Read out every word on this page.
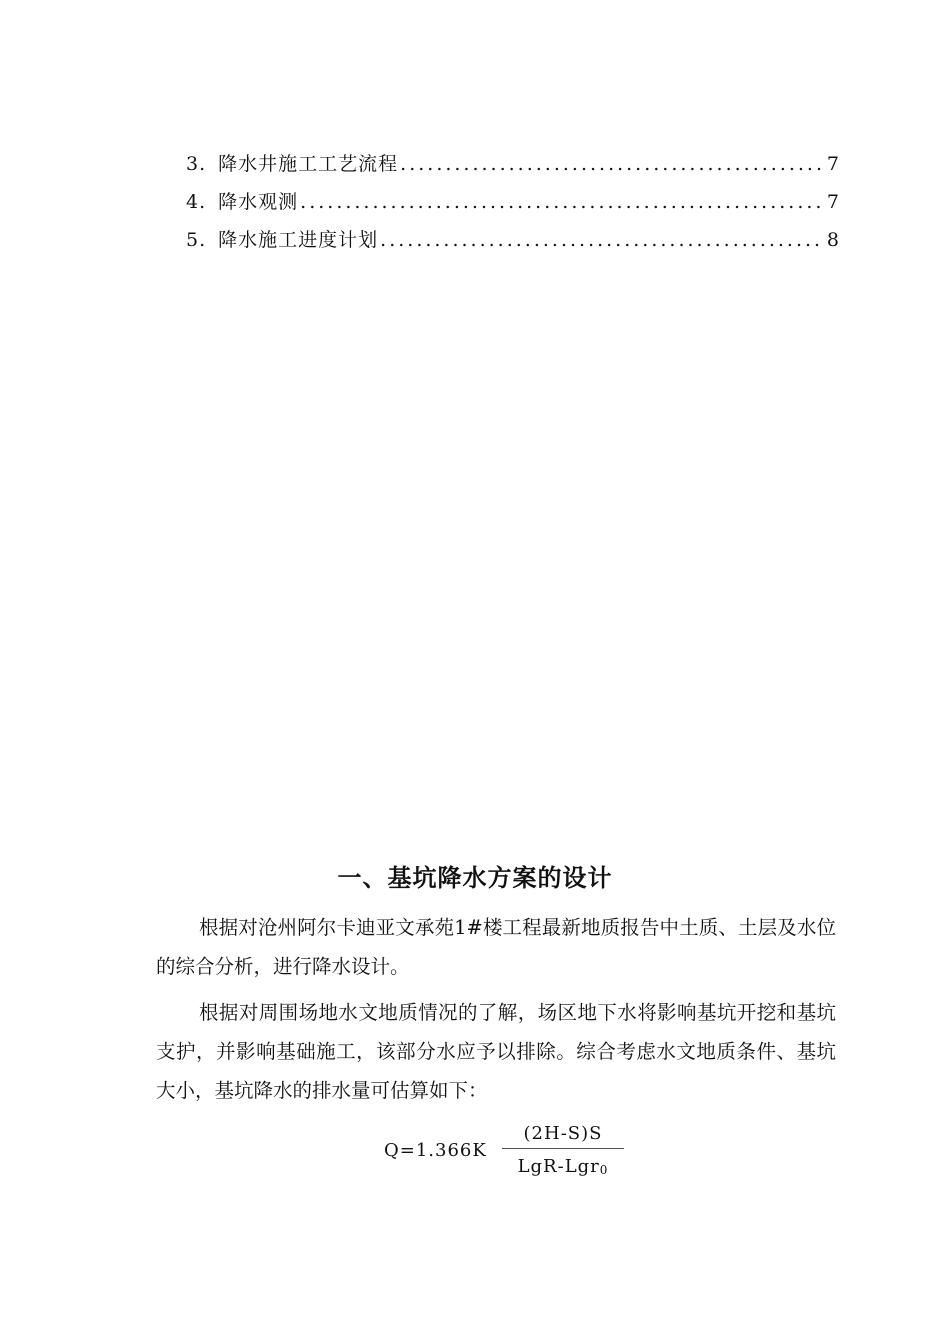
3. 降水井施工工艺流程 .....	7
4. 降水观测 .....	7
5. 降水施工进度计划 .....	8
一、基坑降水方案的设计

根据对沧州阿尔卡迪亚文承苑1#楼工程最新地质报告中土质、土层及水位的综合分析，进行降水设计。

根据对周围场地水文地质情况的了解，场区地下水将影响基坑开挖和基坑支护，并影响基础施工，该部分水应予以排除。综合考虑水文地质条件、基坑大小，基坑降水的排水量可估算如下：

Q=1.366K
(2H-S)S
LgR-Lgr$_0$
